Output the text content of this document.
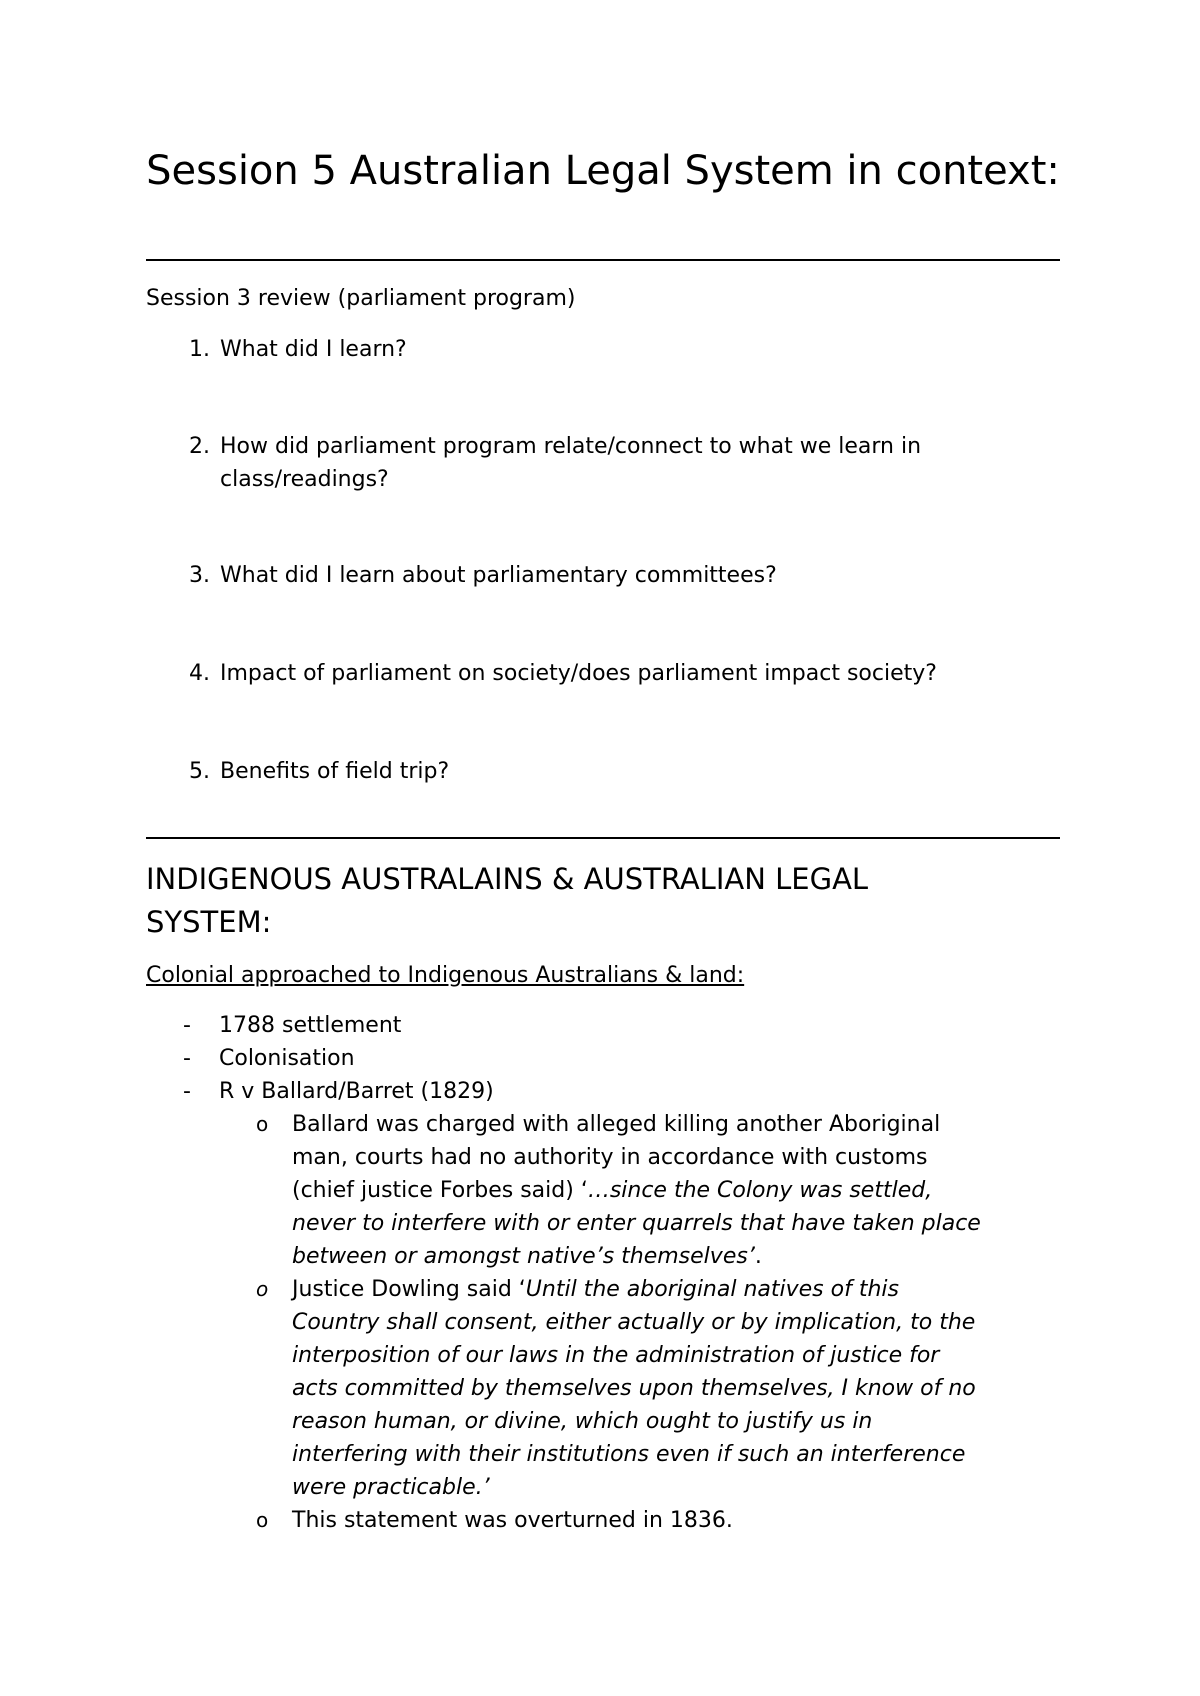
Session 5 Australian Legal System in context:
Session 3 review (parliament program)
1. What did I learn?
2. How did parliament program relate/connect to what we learn in
class/readings?
3. What did I learn about parliamentary committees?
4. Impact of parliament on society/does parliament impact society?
5. Benefits of field trip?
INDIGENOUS AUSTRALAINS & AUSTRALIAN LEGAL
SYSTEM:
Colonial approached to Indigenous Australians & land:
- 1788 settlement
- Colonisation
- R v Ballard/Barret (1829)
o Ballard was charged with alleged killing another Aboriginal

man, courts had no authority in accordance with customs

(chief justice Forbes said) ‘…since the Colony was settled,

never to interfere with or enter quarrels that have taken place

between or amongst native’s themselves’.

o Justice Dowling said ‘Until the aboriginal natives of this

Country shall consent, either actually or by implication, to the

interposition of our laws in the administration of justice for

acts committed by themselves upon themselves, I know of no

reason human, or divine, which ought to justify us in

interfering with their institutions even if such an interference

were practicable.’

o This statement was overturned in 1836.
